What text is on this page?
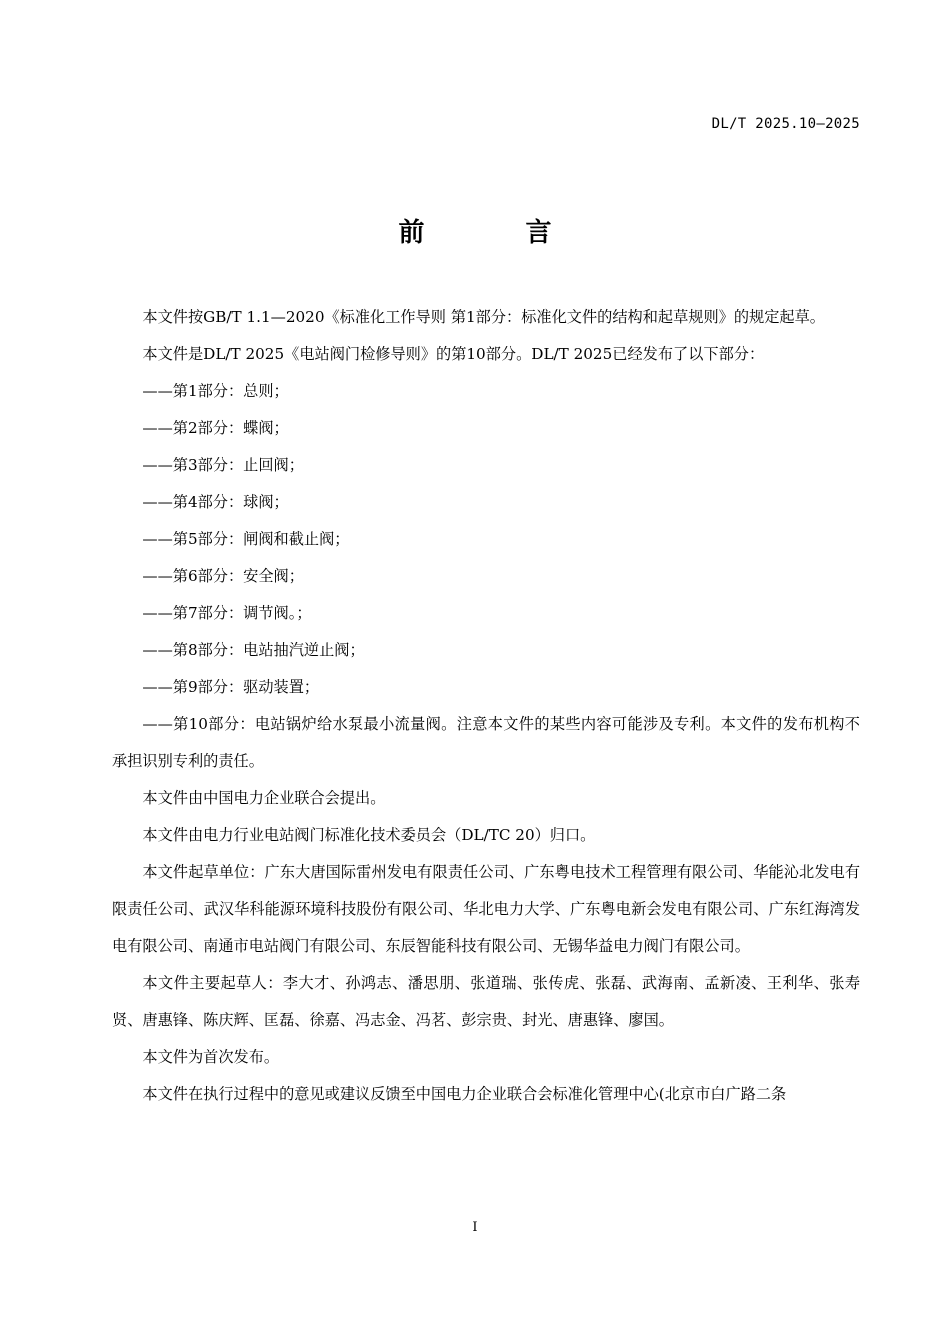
DL/T 2025.10—2025
前 言

本文件按GB/T 1.1—2020《标准化工作导则 第1部分：标准化文件的结构和起草规则》的规定起草。

本文件是DL/T 2025《电站阀门检修导则》的第10部分。DL/T 2025已经发布了以下部分：

——第1部分：总则；

——第2部分：蝶阀；

——第3部分：止回阀；

——第4部分：球阀；

——第5部分：闸阀和截止阀；

——第6部分：安全阀；

——第7部分：调节阀。；

——第8部分：电站抽汽逆止阀；

——第9部分：驱动装置；

——第10部分：电站锅炉给水泵最小流量阀。注意本文件的某些内容可能涉及专利。本文件的发布机构不承担识别专利的责任。

本文件由中国电力企业联合会提出。

本文件由电力行业电站阀门标准化技术委员会（DL/TC 20）归口。

本文件起草单位：广东大唐国际雷州发电有限责任公司、广东粤电技术工程管理有限公司、华能沁北发电有限责任公司、武汉华科能源环境科技股份有限公司、华北电力大学、广东粤电新会发电有限公司、广东红海湾发电有限公司、南通市电站阀门有限公司、东辰智能科技有限公司、无锡华益电力阀门有限公司。

本文件主要起草人：李大才、孙鸿志、潘思朋、张道瑞、张传虎、张磊、武海南、孟新凌、王利华、张寿贤、唐惠锋、陈庆辉、匡磊、徐嘉、冯志金、冯茗、彭宗贵、封光、唐惠锋、廖国。

本文件为首次发布。

本文件在执行过程中的意见或建议反馈至中国电力企业联合会标准化管理中心(北京市白广路二条

I
